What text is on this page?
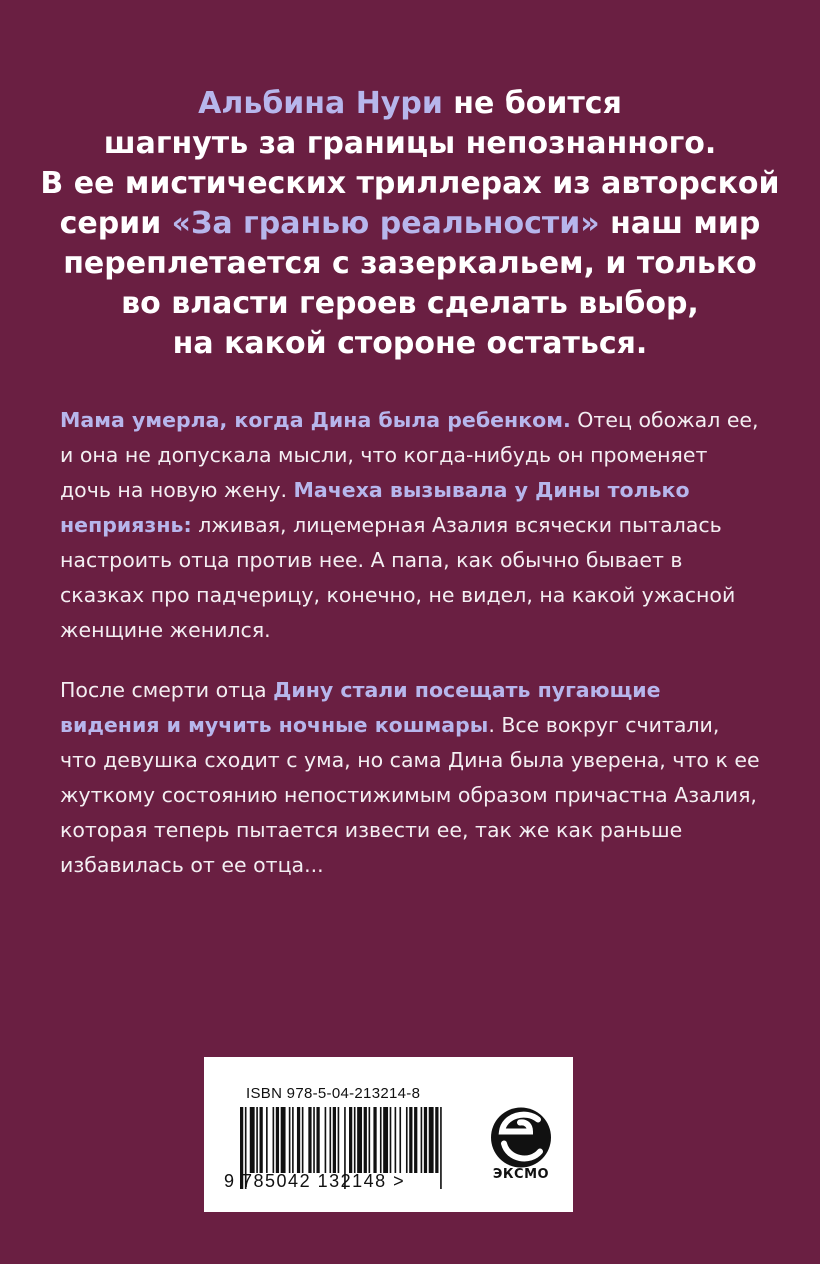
Альбина Нури не боится
шагнуть за границы непознанного.
В ее мистических триллерах из авторской
серии «За гранью реальности» наш мир
переплетается с зазеркальем, и только
во власти героев сделать выбор,
на какой стороне остаться.
Мама умерла, когда Дина была ребенком. Отец обожал ее, и она не допускала мысли, что когда-нибудь он променяет дочь на новую жену. Мачеха вызывала у Дины только неприязнь: лживая, лицемерная Азалия всячески пыталась настроить отца против нее. А папа, как обычно бывает в сказках про падчерицу, конечно, не видел, на какой ужасной женщине женился.
После смерти отца Дину стали посещать пугающие видения и мучить ночные кошмары. Все вокруг считали, что девушка сходит с ума, но сама Дина была уверена, что к ее жуткому состоянию непостижимым образом причастна Азалия, которая теперь пытается извести ее, так же как раньше избавилась от ее отца...
ISBN 978-5-04-213214-8
9 785042 132148 >	ЭКСМО
